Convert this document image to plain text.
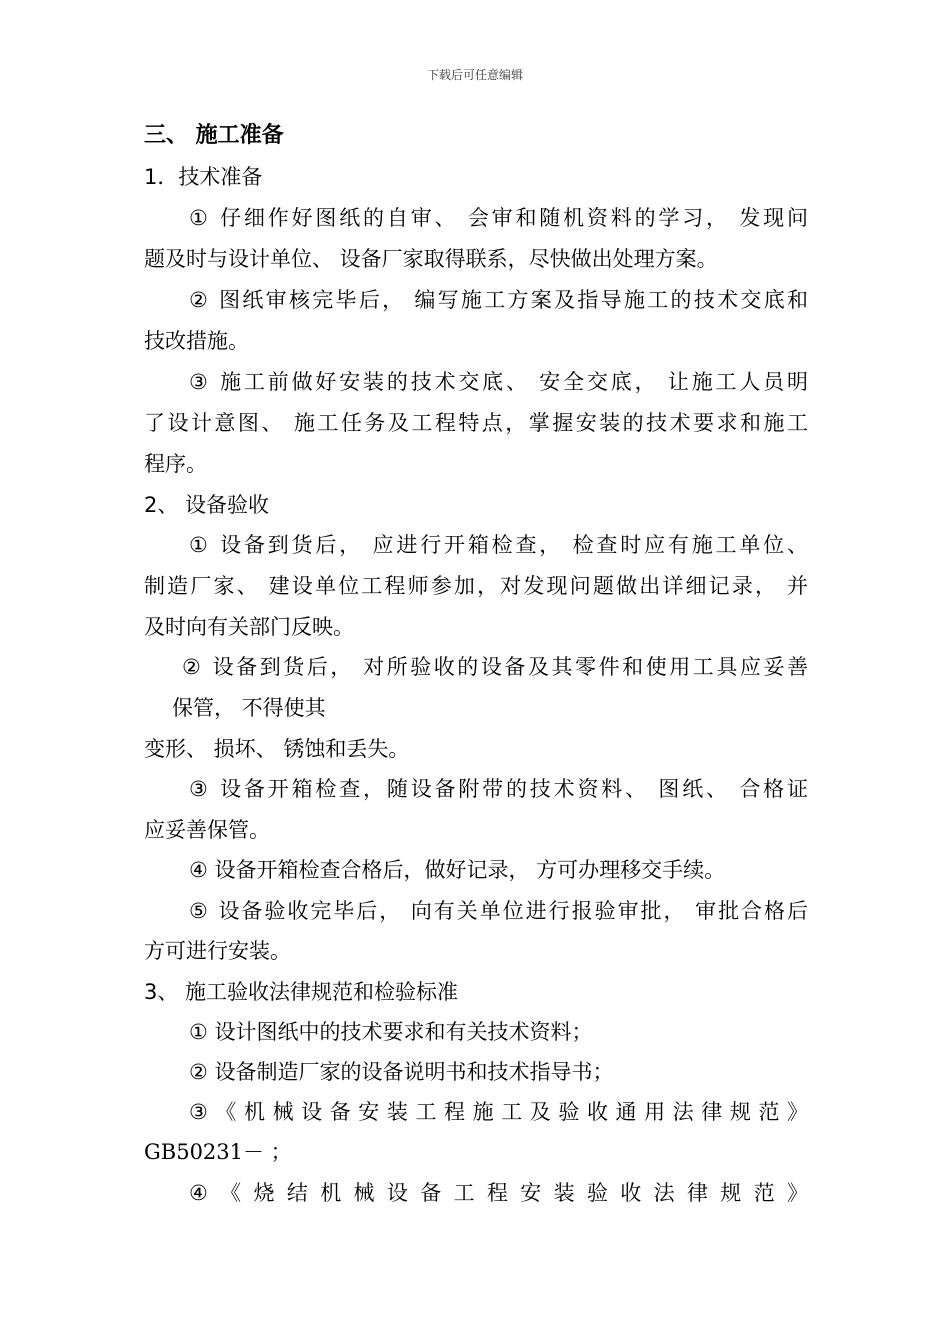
下载后可任意编辑
三、 施工准备
1．技术准备
① 仔细作好图纸的自审、 会审和随机资料的学习， 发现问
题及时与设计单位、 设备厂家取得联系，尽快做出处理方案。
② 图纸审核完毕后， 编写施工方案及指导施工的技术交底和
技改措施。
③ 施工前做好安装的技术交底、 安全交底， 让施工人员明
了设计意图、 施工任务及工程特点，掌握安装的技术要求和施工
程序。
2、 设备验收
① 设备到货后， 应进行开箱检查， 检查时应有施工单位、
制造厂家、 建设单位工程师参加，对发现问题做出详细记录， 并
及时向有关部门反映。
② 设备到货后， 对所验收的设备及其零件和使用工具应妥善
保管， 不得使其
变形、 损坏、 锈蚀和丢失。
③ 设备开箱检查，随设备附带的技术资料、 图纸、 合格证
应妥善保管。
④ 设备开箱检查合格后，做好记录， 方可办理移交手续。
⑤ 设备验收完毕后， 向有关单位进行报验审批， 审批合格后
方可进行安装。
3、 施工验收法律规范和检验标准
① 设计图纸中的技术要求和有关技术资料；
② 设备制造厂家的设备说明书和技术指导书；
③《机械设备安装工程施工及验收通用法律规范》
GB50231－ ；
④《烧结机械设备工程安装验收法律规范》
